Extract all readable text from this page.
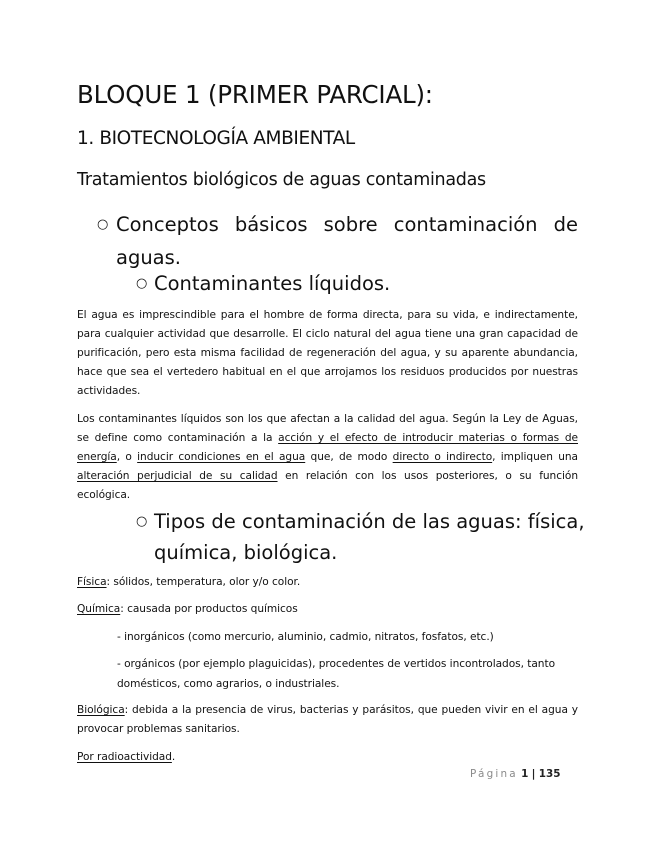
BLOQUE 1 (PRIMER PARCIAL):
1. BIOTECNOLOGÍA AMBIENTAL
Tratamientos biológicos de aguas contaminadas
○ Conceptos básicos sobre contaminación de aguas.
○ Contaminantes líquidos.
El agua es imprescindible para el hombre de forma directa, para su vida, e indirectamente, para cualquier actividad que desarrolle. El ciclo natural del agua tiene una gran capacidad de purificación, pero esta misma facilidad de regeneración del agua, y su aparente abundancia, hace que sea el vertedero habitual en el que arrojamos los residuos producidos por nuestras actividades.
Los contaminantes líquidos son los que afectan a la calidad del agua. Según la Ley de Aguas, se define como contaminación a la acción y el efecto de introducir materias o formas de energía, o inducir condiciones en el agua que, de modo directo o indirecto, impliquen una alteración perjudicial de su calidad en relación con los usos posteriores, o su función ecológica.
○ Tipos de contaminación de las aguas: física,
química, biológica.
Física: sólidos, temperatura, olor y/o color.
Química: causada por productos químicos
- inorgánicos (como mercurio, aluminio, cadmio, nitratos, fosfatos, etc.)
- orgánicos (por ejemplo plaguicidas), procedentes de vertidos incontrolados, tanto domésticos, como agrarios, o industriales.
Biológica: debida a la presencia de virus, bacterias y parásitos, que pueden vivir en el agua y provocar problemas sanitarios.
Por radioactividad.
Página 1 | 135
